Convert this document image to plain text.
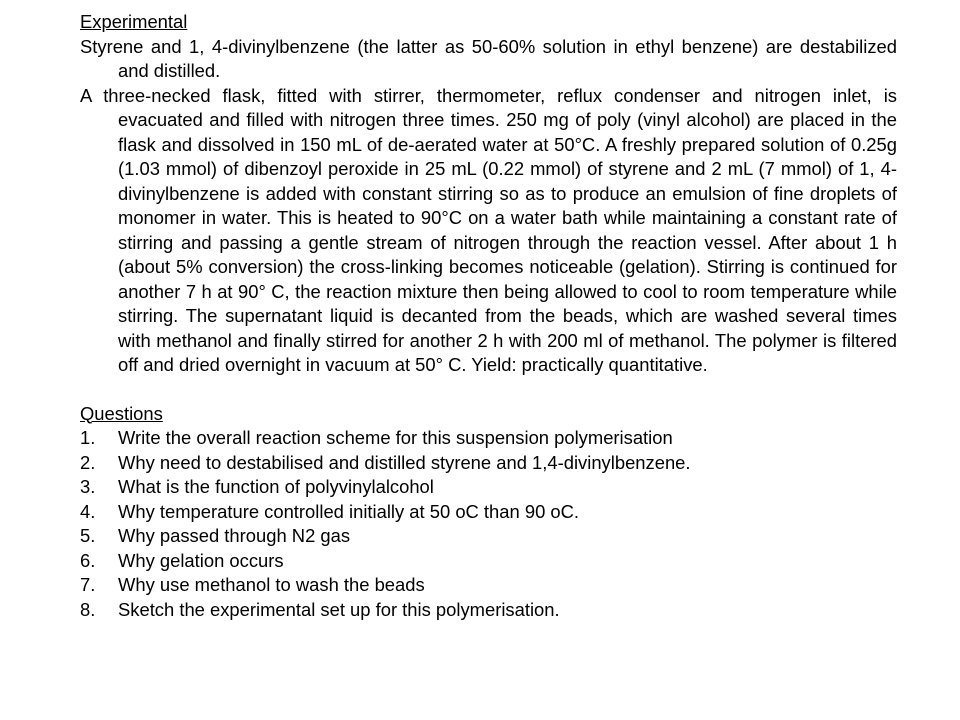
Experimental

Styrene and 1, 4-divinylbenzene (the latter as 50-60% solution in ethyl benzene) are destabilized and distilled.

A three-necked flask, fitted with stirrer, thermometer, reflux condenser and nitrogen inlet, is evacuated and filled with nitrogen three times. 250 mg of poly (vinyl alcohol) are placed in the flask and dissolved in 150 mL of de-aerated water at 50°C. A freshly prepared solution of 0.25g (1.03 mmol) of dibenzoyl peroxide in 25 mL (0.22 mmol) of styrene and 2 mL (7 mmol) of 1, 4-divinylbenzene is added with constant stirring so as to produce an emulsion of fine droplets of monomer in water. This is heated to 90°C on a water bath while maintaining a constant rate of stirring and passing a gentle stream of nitrogen through the reaction vessel. After about 1 h (about 5% conversion) the cross-linking becomes noticeable (gelation). Stirring is continued for another 7 h at 90° C, the reaction mixture then being allowed to cool to room temperature while stirring. The supernatant liquid is decanted from the beads, which are washed several times with methanol and finally stirred for another 2 h with 200 ml of methanol. The polymer is filtered off and dried overnight in vacuum at 50° C. Yield: practically quantitative.

Questions

1.	Write the overall reaction scheme for this suspension polymerisation
2.	Why need to destabilised and distilled styrene and 1,4-divinylbenzene.
3.	What is the function of polyvinylalcohol
4.	Why temperature controlled initially at 50 oC than 90 oC.
5.	Why passed through N2 gas
6.	Why gelation occurs
7.	Why use methanol to wash the beads
8.	Sketch the experimental set up for this polymerisation.
